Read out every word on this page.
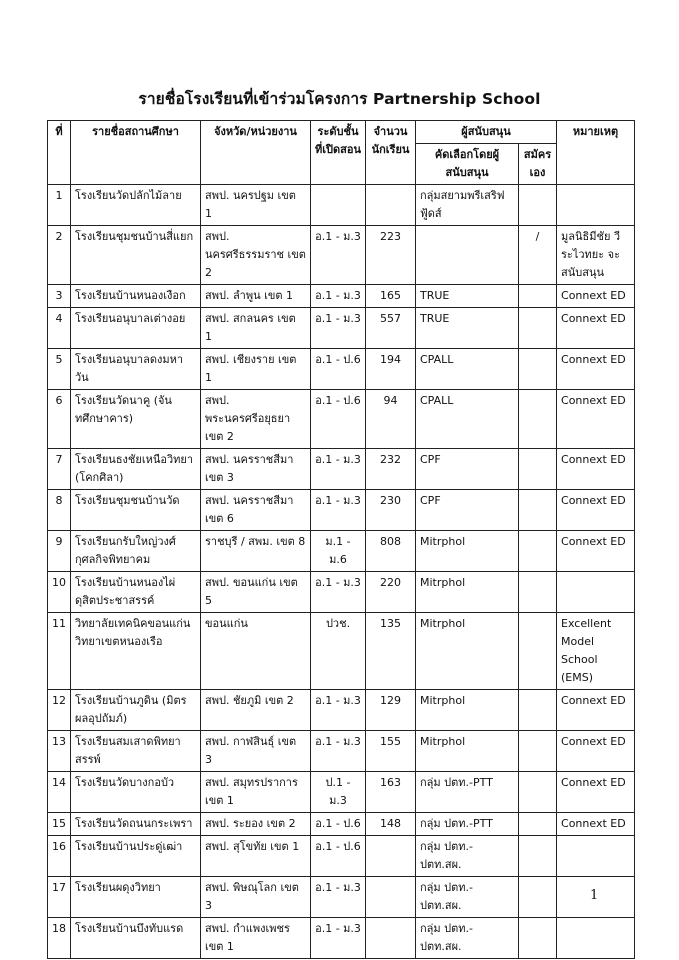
รายชื่อโรงเรียนที่เข้าร่วมโครงการ Partnership School
ที่	รายชื่อสถานศึกษา	จังหวัด/หน่วยงาน	ระดับชั้นที่เปิดสอน	จำนวนนักเรียน	ผู้สนับสนุน		หมายเหตุ
					คัดเลือกโดยผู้สนับสนุน	สมัครเอง	
1	โรงเรียนวัดปลักไม้ลาย	สพป. นครปฐม เขต 1			กลุ่มสยามพรีเสริฟฟู้ดส์		
2	โรงเรียนชุมชนบ้านสี่แยก	สพป. นครศรีธรรมราช เขต 2	อ.1 - ม.3	223		/	มูลนิธิมีชัย วีระไวทยะ จะสนับสนุน
3	โรงเรียนบ้านหนองเงือก	สพป. ลำพูน เขต 1	อ.1 - ม.3	165	TRUE		Connext ED
4	โรงเรียนอนุบาลเต่างอย	สพป. สกลนคร เขต 1	อ.1 - ม.3	557	TRUE		Connext ED
5	โรงเรียนอนุบาลดงมหาวัน	สพป. เชียงราย เขต 1	อ.1 - ป.6	194	CPALL		Connext ED
6	โรงเรียนวัดนาคู (จันทศึกษาคาร)	สพป. พระนครศรีอยุธยา เขต 2	อ.1 - ป.6	94	CPALL		Connext ED
7	โรงเรียนธงชัยเหนือวิทยา (โคกศิลา)	สพป. นครราชสีมาเขต 3	อ.1 - ม.3	232	CPF		Connext ED
8	โรงเรียนชุมชนบ้านวัด	สพป. นครราชสีมาเขต 6	อ.1 - ม.3	230	CPF		Connext ED
9	โรงเรียนกรับใหญ่วงศ์กุศลกิจพิทยาคม	ราชบุรี / สพม. เขต 8	ม.1 - ม.6	808	Mitrphol		Connext ED
10	โรงเรียนบ้านหนองไผ่ดุสิตประชาสรรค์	สพป. ขอนแก่น เขต 5	อ.1 - ม.3	220	Mitrphol		
11	วิทยาลัยเทคนิคขอนแก่น วิทยาเขตหนองเรือ	ขอนแก่น	ปวช.	135	Mitrphol		Excellent Model School (EMS)
12	โรงเรียนบ้านภูดิน (มิตรผลอุปถัมภ์)	สพป. ชัยภูมิ เขต 2	อ.1 - ม.3	129	Mitrphol		Connext ED
13	โรงเรียนสมเสาดพิทยาสรรพ์	สพป. กาฬสินธุ์ เขต 3	อ.1 - ม.3	155	Mitrphol		Connext ED
14	โรงเรียนวัดบางกอบัว	สพป. สมุทรปราการ เขต 1	ป.1 - ม.3	163	กลุ่ม ปตท.-PTT		Connext ED
15	โรงเรียนวัดถนนกระเพรา	สพป. ระยอง เขต 2	อ.1 - ป.6	148	กลุ่ม ปตท.-PTT		Connext ED
16	โรงเรียนบ้านประดู่เฒ่า	สพป. สุโขทัย เขต 1	อ.1 - ป.6		กลุ่ม ปตท.-ปตท.สผ.		
17	โรงเรียนผดุงวิทยา	สพป. พิษณุโลก เขต 3	อ.1 - ม.3		กลุ่ม ปตท.-ปตท.สผ.		
18	โรงเรียนบ้านบึงทับแรด	สพป. กำแพงเพชร เขต 1	อ.1 - ม.3		กลุ่ม ปตท.-ปตท.สผ.		
1
